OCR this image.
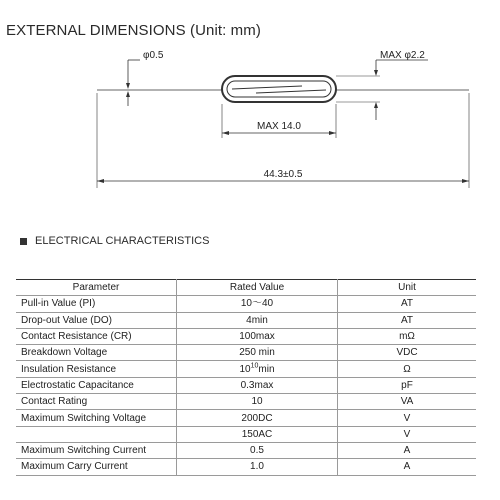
EXTERNAL DIMENSIONS (Unit: mm)
φ0.5	MAX φ2.2
MAX 14.0
44.3±0.5
ELECTRICAL CHARACTERISTICS
Parameter	Rated Value	Unit
Pull-in Value (PI)	10～40	AT
Drop-out Value (DO)	4min	AT
Contact Resistance (CR)	100max	mΩ
Breakdown Voltage	250 min	VDC
Insulation Resistance	$10^{10}\min$	Ω
Electrostatic Capacitance	0.3max	pF
Contact Rating	10	VA
Maximum Switching Voltage	200DC	V
	150AC	V
Maximum Switching Current	0.5	A
Maximum Carry Current	1.0	A
